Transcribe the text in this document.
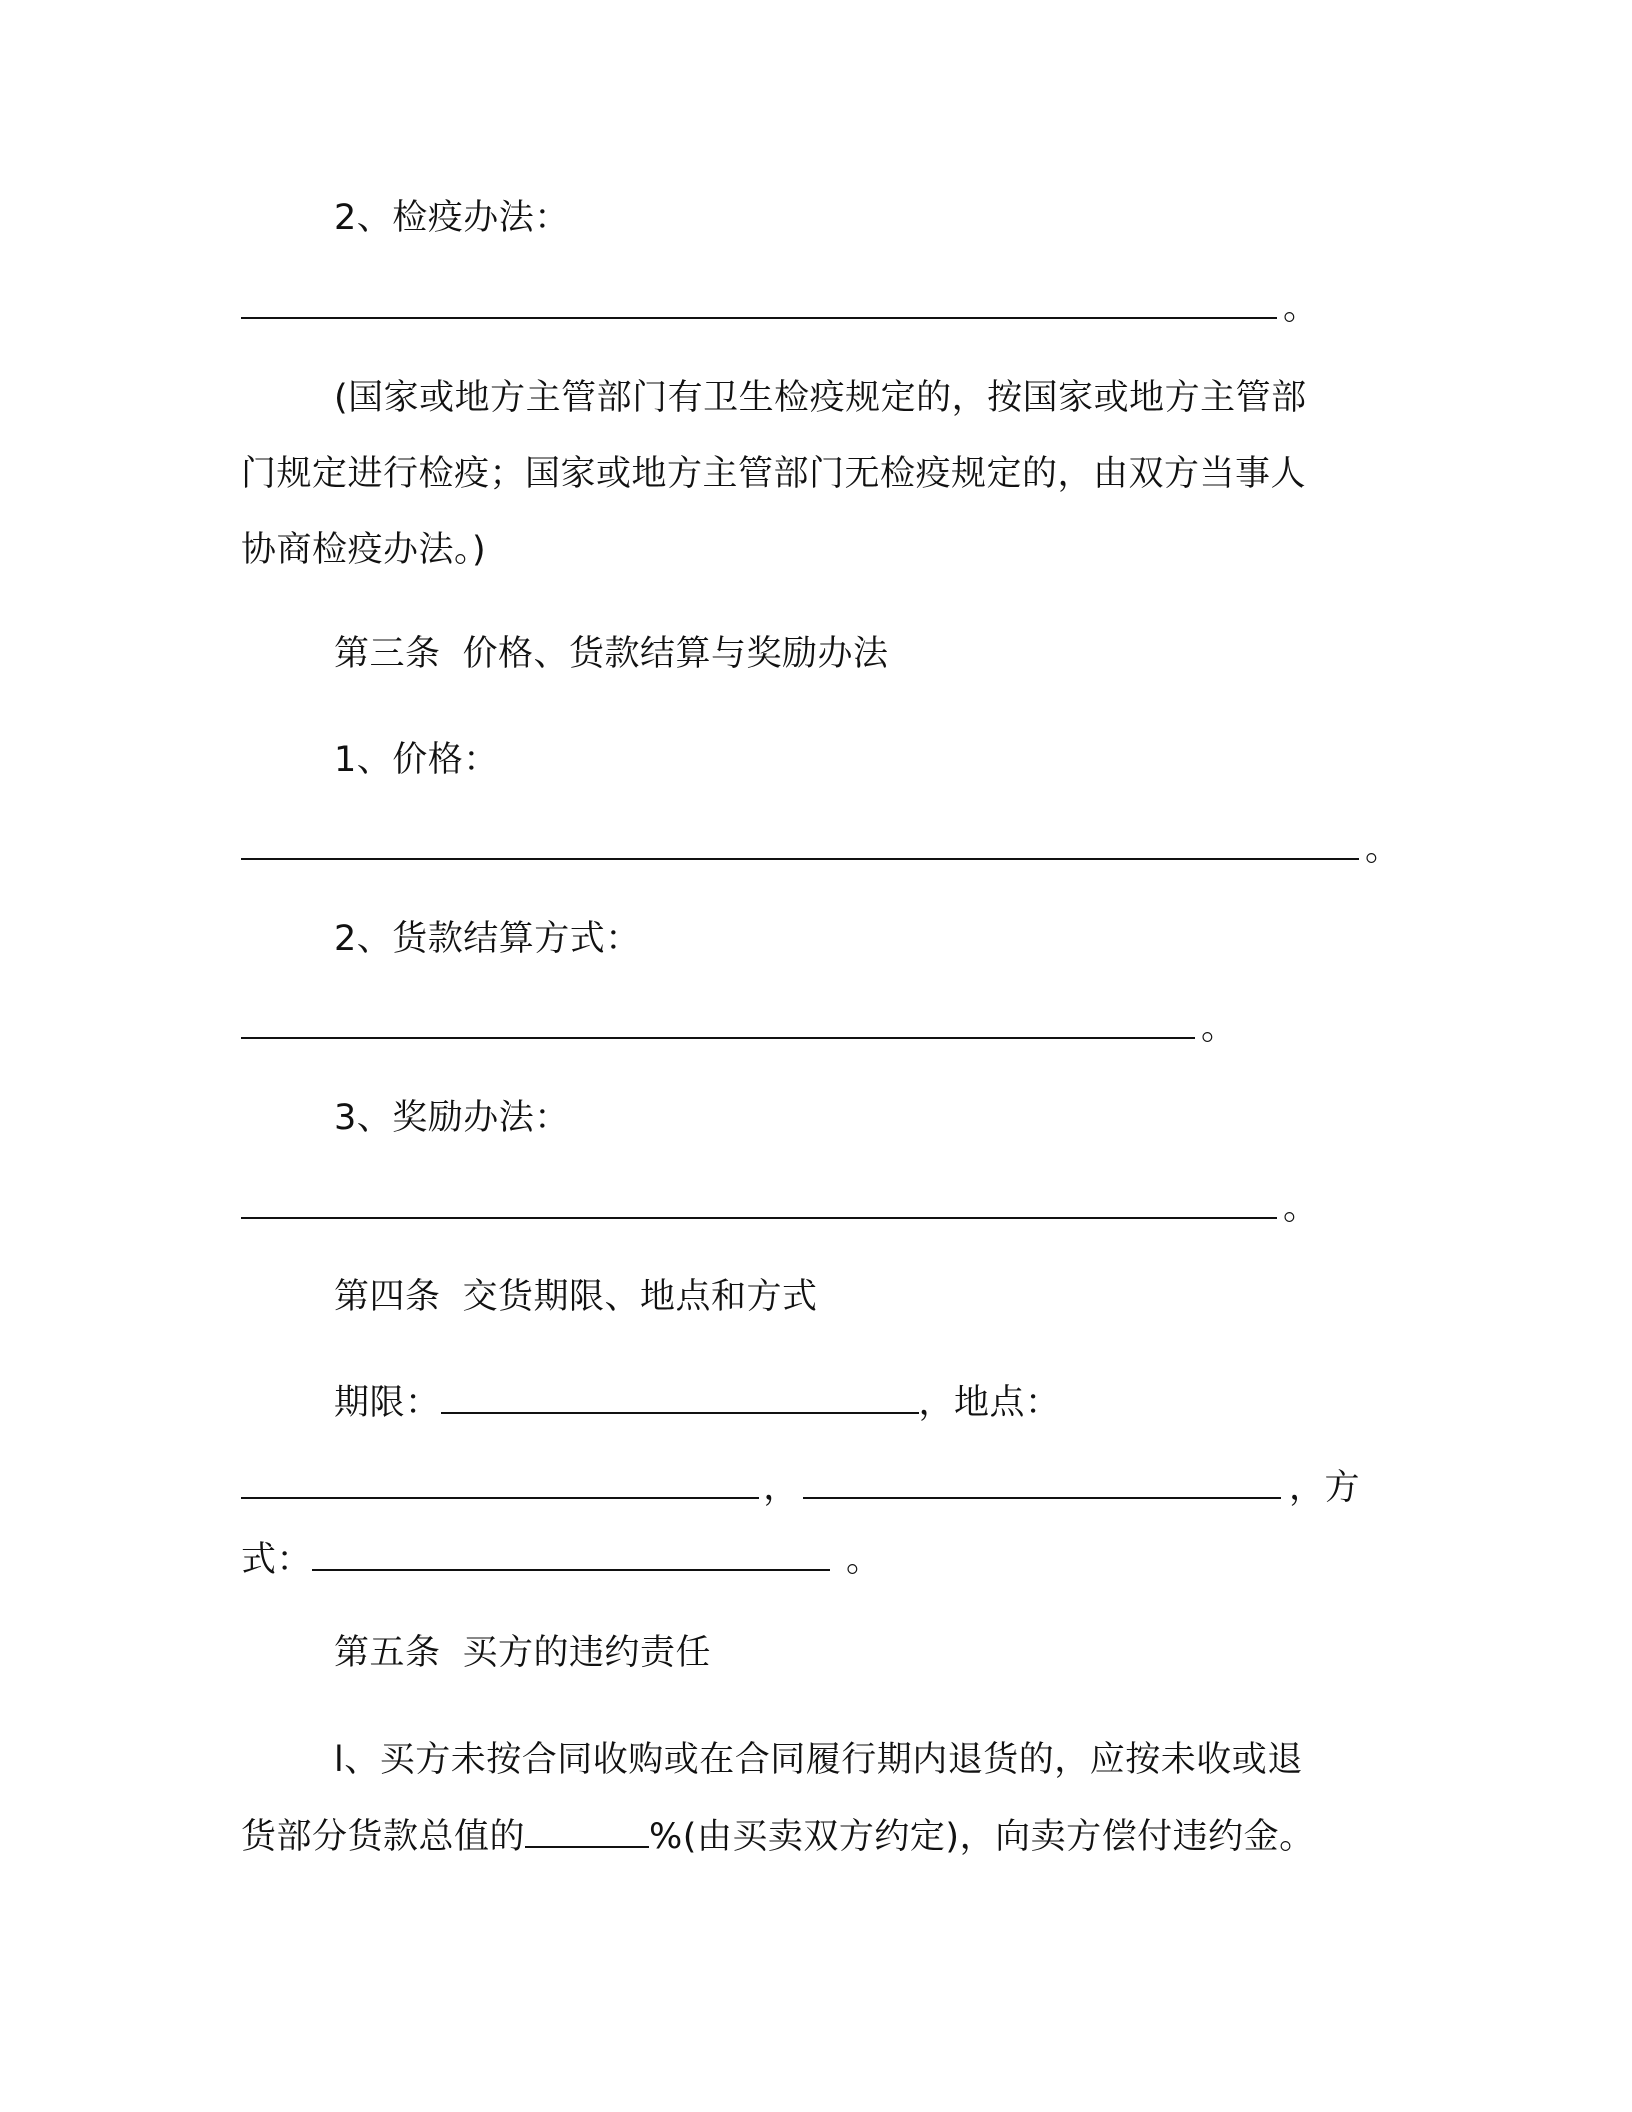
2、检疫办法：
。
(国家或地方主管部门有卫生检疫规定的，按国家或地方主管部
门规定进行检疫；国家或地方主管部门无检疫规定的，由双方当事人
协商检疫办法。)
第三条 价格、货款结算与奖励办法
1、价格：
。
2、货款结算方式：
。
3、奖励办法：
。
第四条 交货期限、地点和方式
期限：	，地点：
，	，方
式：	。
第五条 买方的违约责任
l、买方未按合同收购或在合同履行期内退货的，应按未收或退
货部分货款总值的	%(由买卖双方约定)，向卖方偿付违约金。
